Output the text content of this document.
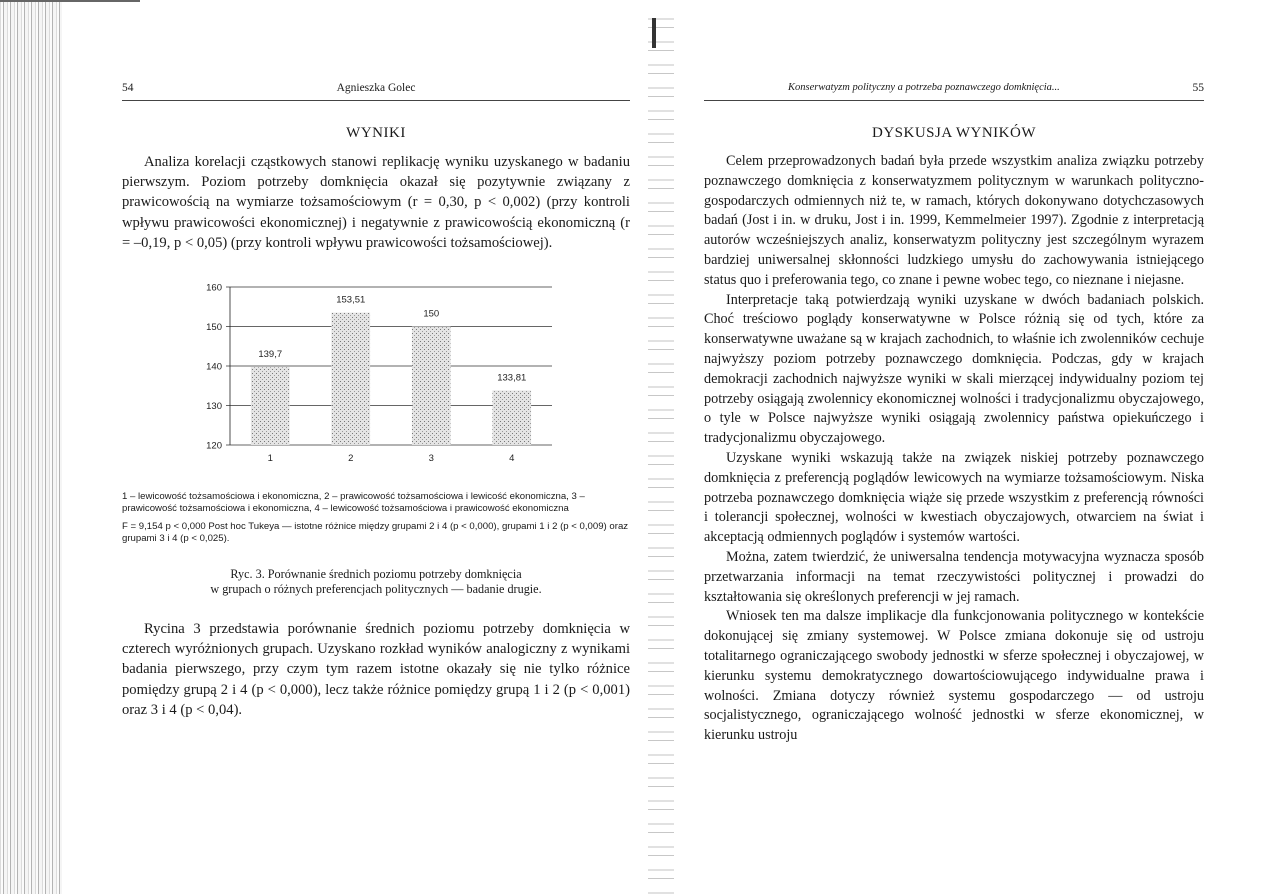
54	Agnieszka Golec
WYNIKI

Analiza korelacji cząstkowych stanowi replikację wyniku uzyskanego w badaniu pierwszym. Poziom potrzeby domknięcia okazał się pozytywnie związany z prawicowością na wymiarze tożsamościowym (r = 0,30, p < 0,002) (przy kontroli wpływu prawicowości ekonomicznej) i negatywnie z prawicowością ekonomiczną (r = –0,19, p < 0,05) (przy kontroli wpływu prawicowości tożsamościowej).

120
130
140
150
160
139,7
1
153,51
2
150
3
133,81
4

1 – lewicowość tożsamościowa i ekonomiczna, 2 – prawicowość tożsamościowa i lewicość ekonomiczna, 3 – prawicowość tożsamościowa i ekonomiczna, 4 – lewicowość tożsamościowa i prawicowość ekonomiczna

F = 9,154 p < 0,000 Post hoc Tukeya — istotne różnice między grupami 2 i 4 (p < 0,000), grupami 1 i 2 (p < 0,009) oraz grupami 3 i 4 (p < 0,025).

Ryc. 3. Porównanie średnich poziomu potrzeby domknięcia
w grupach o różnych preferencjach politycznych — badanie drugie.

Rycina 3 przedstawia porównanie średnich poziomu potrzeby domknięcia w czterech wyróżnionych grupach. Uzyskano rozkład wyników analogiczny z wynikami badania pierwszego, przy czym tym razem istotne okazały się nie tylko różnice pomiędzy grupą 2 i 4 (p < 0,000), lecz także różnice pomiędzy grupą 1 i 2 (p < 0,001) oraz 3 i 4 (p < 0,04).

Konserwatyzm polityczny a potrzeba poznawczego domknięcia...	55
DYSKUSJA WYNIKÓW

Celem przeprowadzonych badań była przede wszystkim analiza związku potrzeby poznawczego domknięcia z konserwatyzmem politycznym w warunkach polityczno-gospodarczych odmiennych niż te, w ramach, których dokonywano dotychczasowych badań (Jost i in. w druku, Jost i in. 1999, Kemmelmeier 1997). Zgodnie z interpretacją autorów wcześniejszych analiz, konserwatyzm polityczny jest szczególnym wyrazem bardziej uniwersalnej skłonności ludzkiego umysłu do zachowywania istniejącego status quo i preferowania tego, co znane i pewne wobec tego, co nieznane i niejasne.

Interpretacje taką potwierdzają wyniki uzyskane w dwóch badaniach polskich. Choć treściowo poglądy konserwatywne w Polsce różnią się od tych, które za konserwatywne uważane są w krajach zachodnich, to właśnie ich zwolenników cechuje najwyższy poziom potrzeby poznawczego domknięcia. Podczas, gdy w krajach demokracji zachodnich najwyższe wyniki w skali mierzącej indywidualny poziom tej potrzeby osiągają zwolennicy ekonomicznej wolności i tradycjonalizmu obyczajowego, o tyle w Polsce najwyższe wyniki osiągają zwolennicy państwa opiekuńczego i tradycjonalizmu obyczajowego.

Uzyskane wyniki wskazują także na związek niskiej potrzeby poznawczego domknięcia z preferencją poglądów lewicowych na wymiarze tożsamościowym. Niska potrzeba poznawczego domknięcia wiąże się przede wszystkim z preferencją równości i tolerancji społecznej, wolności w kwestiach obyczajowych, otwarciem na świat i akceptacją odmiennych poglądów i systemów wartości.

Można, zatem twierdzić, że uniwersalna tendencja motywacyjna wyznacza sposób przetwarzania informacji na temat rzeczywistości politycznej i prowadzi do kształtowania się określonych preferencji w jej ramach.

Wniosek ten ma dalsze implikacje dla funkcjonowania politycznego w kontekście dokonującej się zmiany systemowej. W Polsce zmiana dokonuje się od ustroju totalitarnego ograniczającego swobody jednostki w sferze społecznej i obyczajowej, w kierunku systemu demokratycznego dowartościowującego indywidualne prawa i wolności. Zmiana dotyczy również systemu gospodarczego — od ustroju socjalistycznego, ograniczającego wolność jednostki w sferze ekonomicznej, w kierunku ustroju
